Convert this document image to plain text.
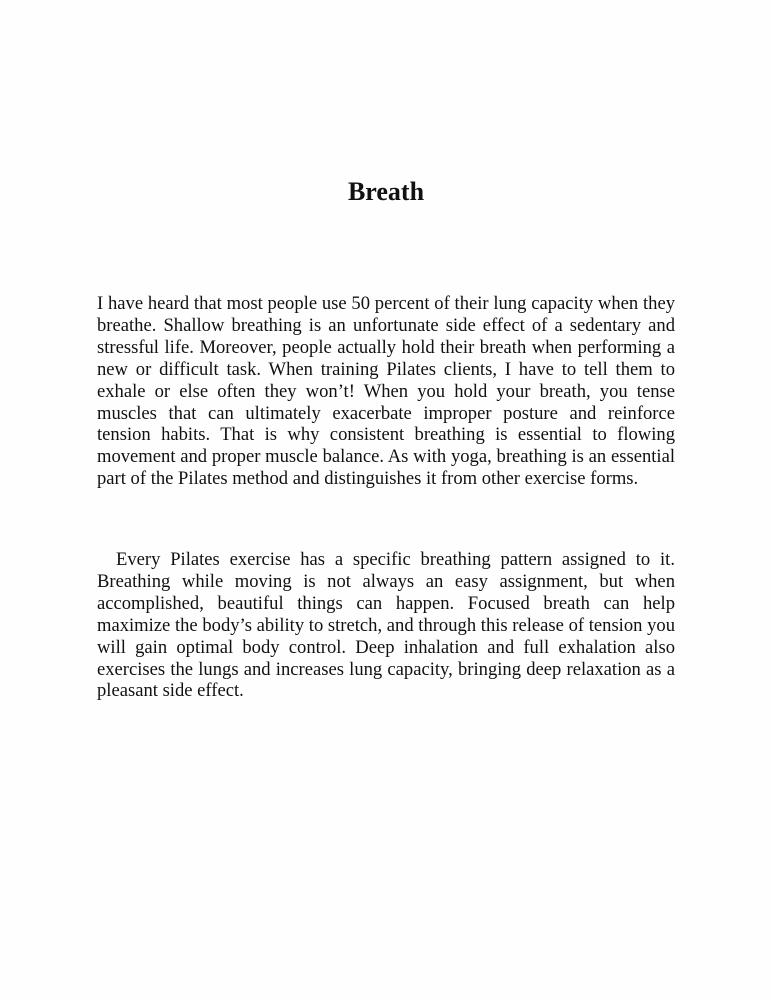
Breath

I have heard that most people use 50 percent of their lung capacity when they breathe. Shallow breathing is an unfortunate side effect of a sedentary and stressful life. Moreover, people actually hold their breath when performing a new or difficult task. When training Pilates clients, I have to tell them to exhale or else often they won’t! When you hold your breath, you tense muscles that can ultimately exacerbate improper posture and reinforce tension habits. That is why consistent breathing is essential to flowing movement and proper muscle balance. As with yoga, breathing is an essential part of the Pilates method and distinguishes it from other exercise forms.

Every Pilates exercise has a specific breathing pattern assigned to it. Breathing while moving is not always an easy assignment, but when accomplished, beautiful things can happen. Focused breath can help maximize the body’s ability to stretch, and through this release of tension you will gain optimal body control. Deep inhalation and full exhalation also exercises the lungs and increases lung capacity, bringing deep relaxation as a pleasant side effect.
